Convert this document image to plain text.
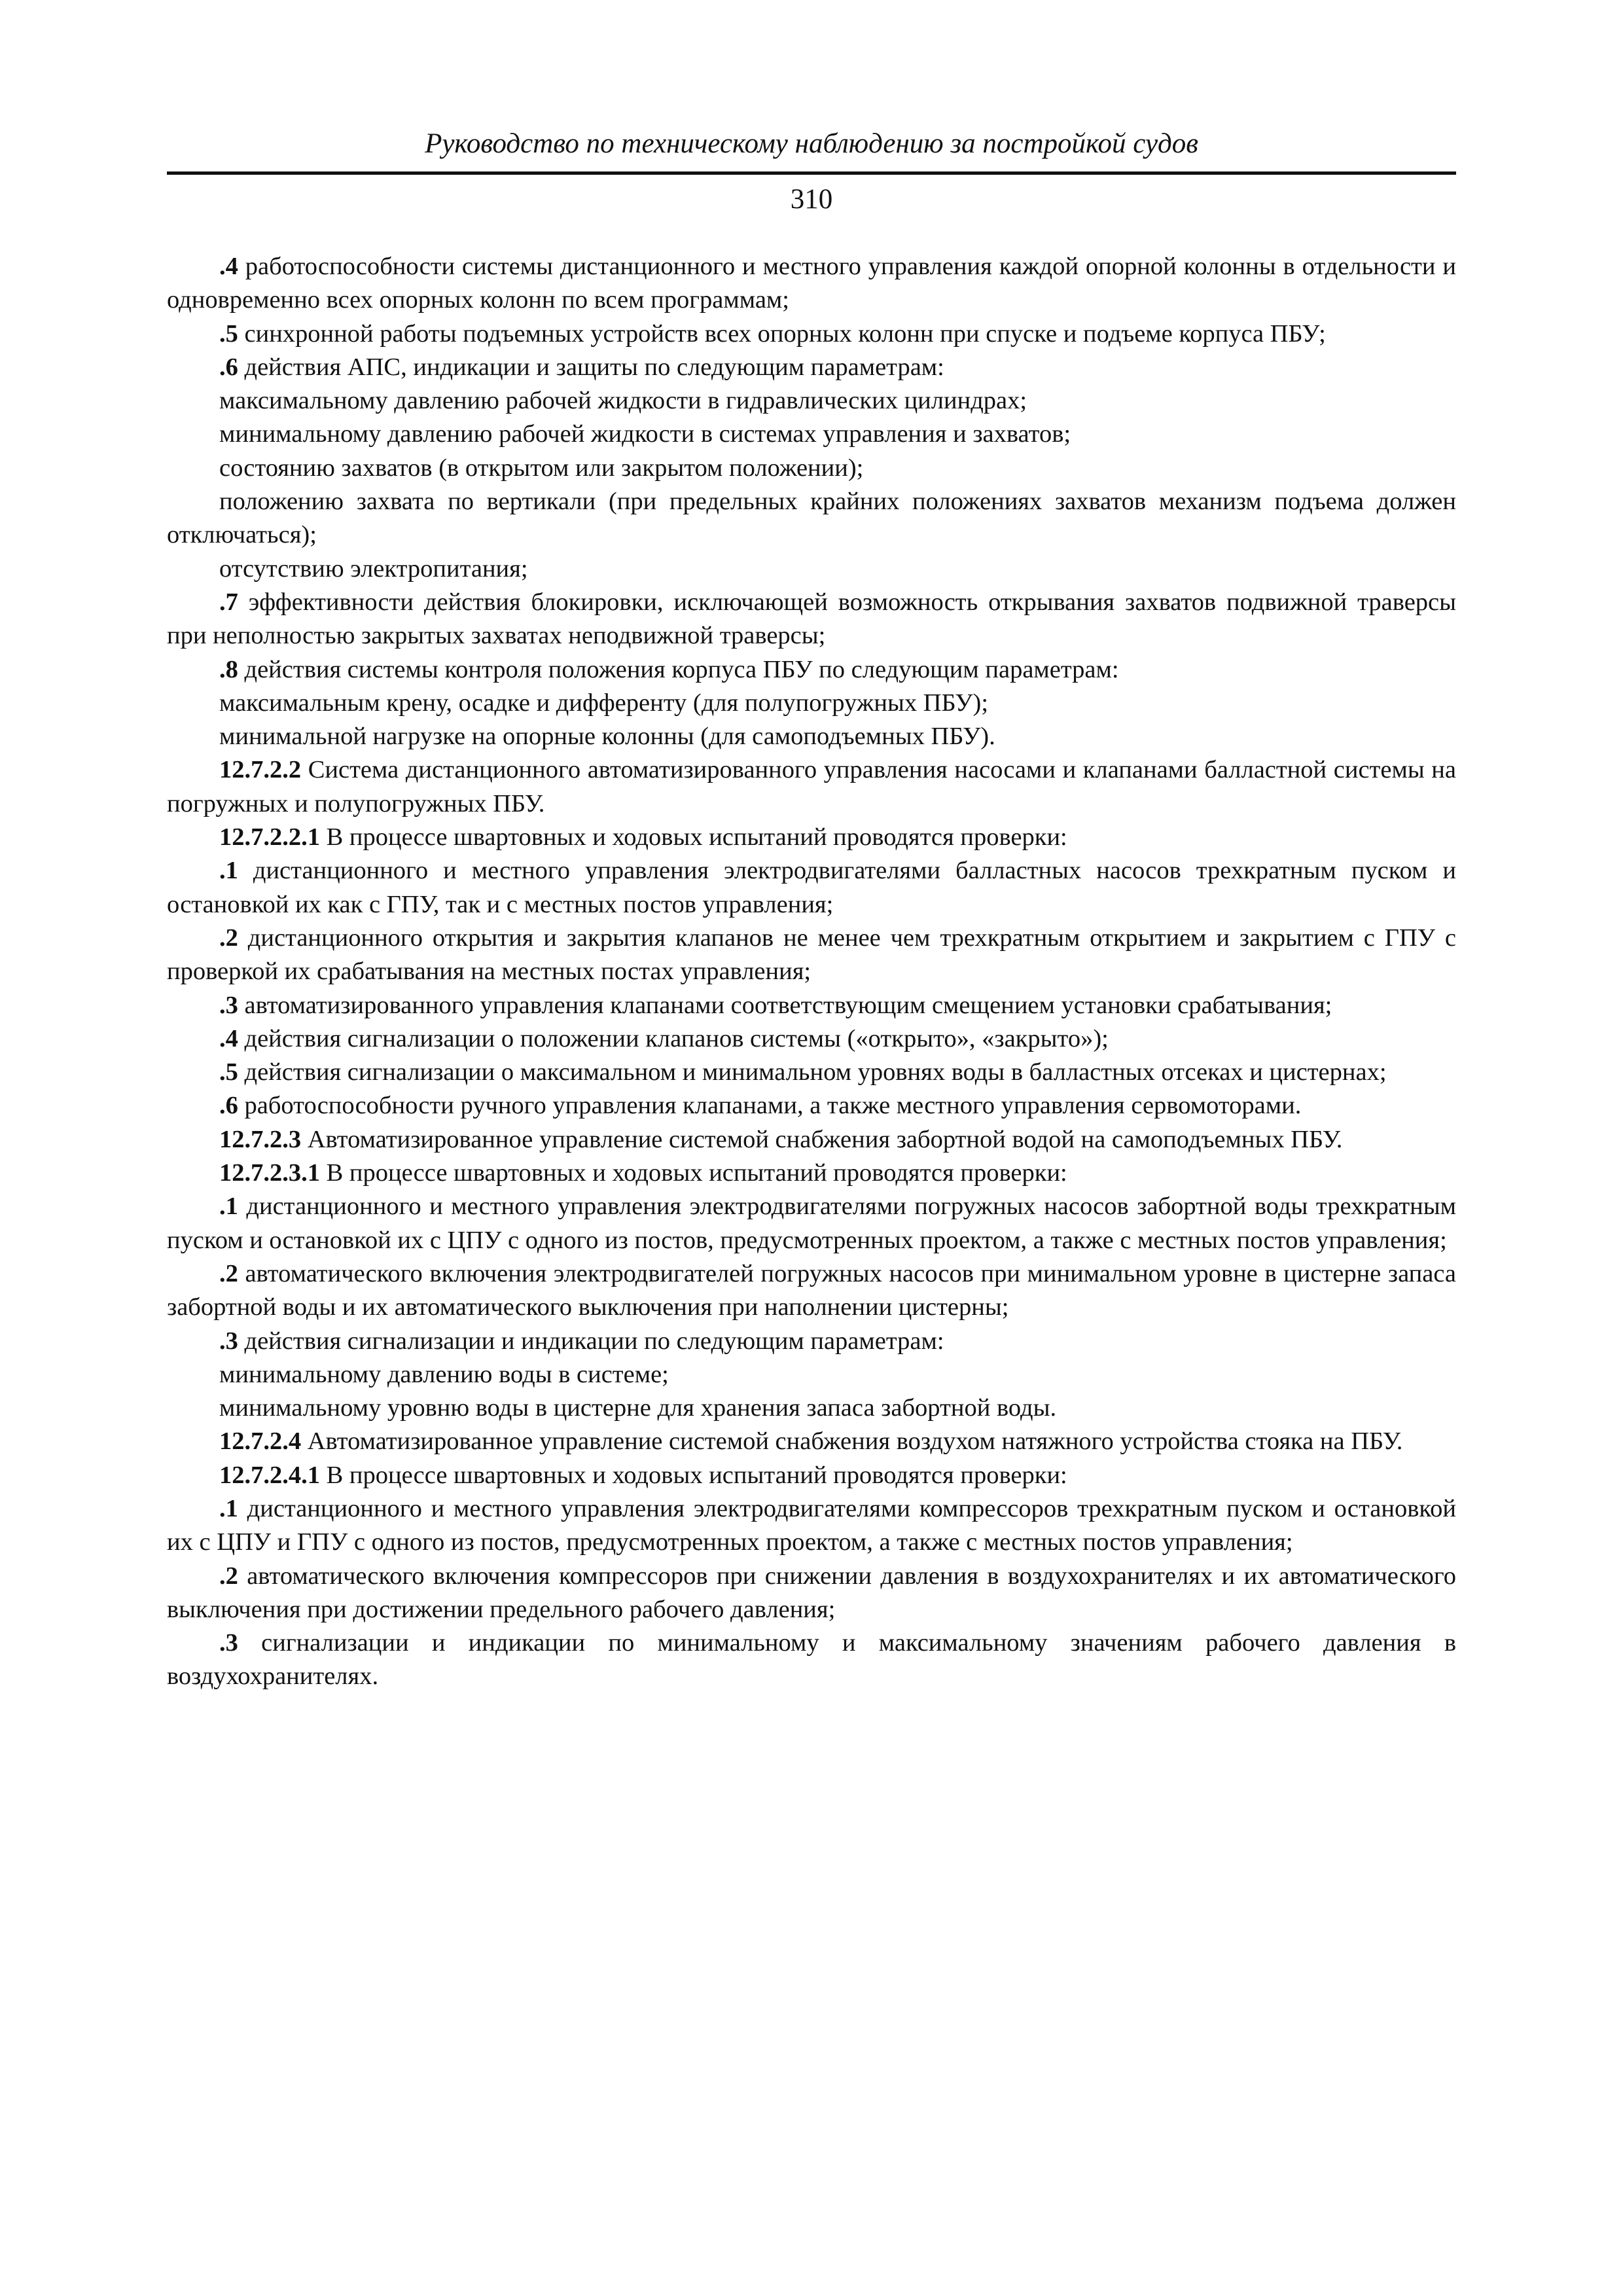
Руководство по техническому наблюдению за постройкой судов
310

.4 работоспособности системы дистанционного и местного управления каждой опорной колонны в отдельности и одновременно всех опорных колонн по всем программам;

.5 синхронной работы подъемных устройств всех опорных колонн при спуске и подъеме корпуса ПБУ;

.6 действия АПС, индикации и защиты по следующим параметрам:

максимальному давлению рабочей жидкости в гидравлических цилиндрах;

минимальному давлению рабочей жидкости в системах управления и захватов;

состоянию захватов (в открытом или закрытом положении);

положению захвата по вертикали (при предельных крайних положениях захватов механизм подъема должен отключаться);

отсутствию электропитания;

.7 эффективности действия блокировки, исключающей возможность открывания захватов подвижной траверсы при неполностью закрытых захватах неподвижной траверсы;

.8 действия системы контроля положения корпуса ПБУ по следующим параметрам:

максимальным крену, осадке и дифференту (для полупогружных ПБУ);

минимальной нагрузке на опорные колонны (для самоподъемных ПБУ).

12.7.2.2 Система дистанционного автоматизированного управления насосами и клапанами балластной системы на погружных и полупогружных ПБУ.

12.7.2.2.1 В процессе швартовных и ходовых испытаний проводятся проверки:

.1 дистанционного и местного управления электродвигателями балластных насосов трехкратным пуском и остановкой их как с ГПУ, так и с местных постов управления;

.2 дистанционного открытия и закрытия клапанов не менее чем трехкратным открытием и закрытием с ГПУ с проверкой их срабатывания на местных постах управления;

.3 автоматизированного управления клапанами соответствующим смещением установки срабатывания;

.4 действия сигнализации о положении клапанов системы («открыто», «закрыто»);

.5 действия сигнализации о максимальном и минимальном уровнях воды в балластных отсеках и цистернах;

.6 работоспособности ручного управления клапанами, а также местного управления сервомоторами.

12.7.2.3 Автоматизированное управление системой снабжения забортной водой на самоподъемных ПБУ.

12.7.2.3.1 В процессе швартовных и ходовых испытаний проводятся проверки:

.1 дистанционного и местного управления электродвигателями погружных насосов забортной воды трехкратным пуском и остановкой их с ЦПУ с одного из постов, предусмотренных проектом, а также с местных постов управления;

.2 автоматического включения электродвигателей погружных насосов при минимальном уровне в цистерне запаса забортной воды и их автоматического выключения при наполнении цистерны;

.3 действия сигнализации и индикации по следующим параметрам:

минимальному давлению воды в системе;

минимальному уровню воды в цистерне для хранения запаса забортной воды.

12.7.2.4 Автоматизированное управление системой снабжения воздухом натяжного устройства стояка на ПБУ.

12.7.2.4.1 В процессе швартовных и ходовых испытаний проводятся проверки:

.1 дистанционного и местного управления электродвигателями компрессоров трехкратным пуском и остановкой их с ЦПУ и ГПУ с одного из постов, предусмотренных проектом, а также с местных постов управления;

.2 автоматического включения компрессоров при снижении давления в воздухохранителях и их автоматического выключения при достижении предельного рабочего давления;

.3 сигнализации и индикации по минимальному и максимальному значениям рабочего давления в воздухохранителях.
